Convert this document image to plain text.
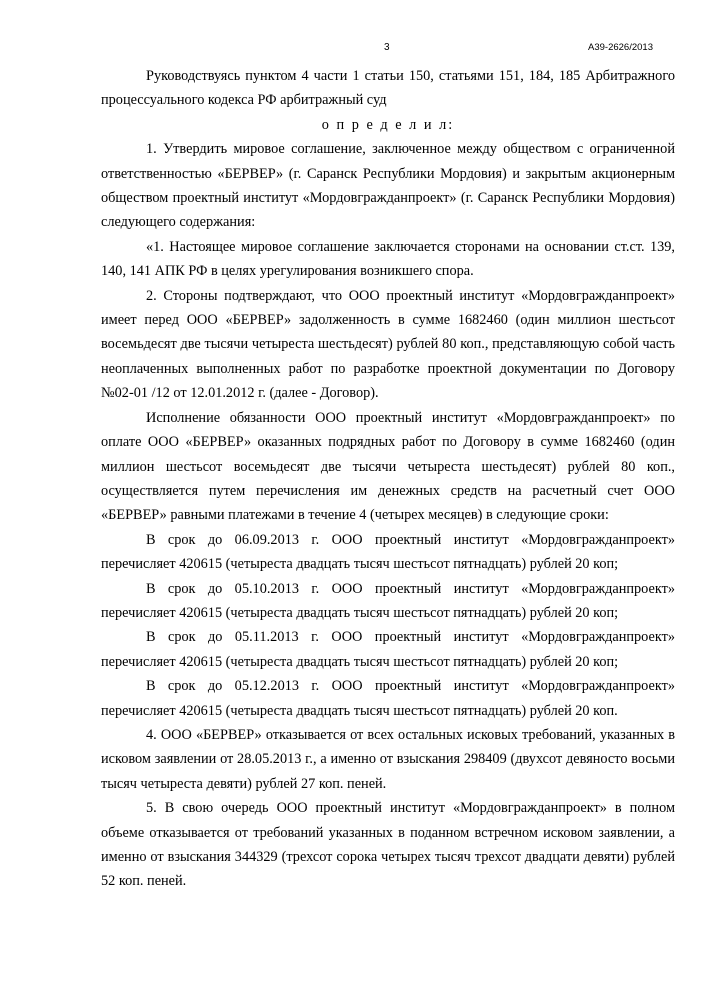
3	А39-2626/2013

Руководствуясь пунктом 4 части 1 статьи 150, статьями 151, 184, 185 Арбитражного процессуального кодекса РФ арбитражный суд

о п р е д е л и л:

1. Утвердить мировое соглашение, заключенное между обществом с ограниченной ответственностью «БЕРВЕР» (г. Саранск Республики Мордовия) и закрытым акционерным обществом проектный институт «Мордовгражданпроект» (г. Саранск Республики Мордовия) следующего содержания:

«1. Настоящее мировое соглашение заключается сторонами на основании ст.ст. 139, 140, 141 АПК РФ в целях урегулирования возникшего спора.

2. Стороны подтверждают, что ООО проектный институт «Мордовгражданпроект» имеет перед ООО «БЕРВЕР» задолженность в сумме 1682460 (один миллион шестьсот восемьдесят две тысячи четыреста шестьдесят) рублей 80 коп., представляющую собой часть неоплаченных выполненных работ по разработке проектной документации по Договору №02-01 /12 от 12.01.2012 г. (далее - Договор).

Исполнение обязанности ООО проектный институт «Мордовгражданпроект» по оплате ООО «БЕРВЕР» оказанных подрядных работ по Договору в сумме 1682460 (один миллион шестьсот восемьдесят две тысячи четыреста шестьдесят) рублей 80 коп., осуществляется путем перечисления им денежных средств на расчетный счет ООО «БЕРВЕР» равными платежами в течение 4 (четырех месяцев) в следующие сроки:

В срок до 06.09.2013 г. ООО проектный институт «Мордовгражданпроект» перечисляет 420615 (четыреста двадцать тысяч шестьсот пятнадцать) рублей 20 коп;

В срок до 05.10.2013 г. ООО проектный институт «Мордовгражданпроект» перечисляет 420615 (четыреста двадцать тысяч шестьсот пятнадцать) рублей 20 коп;

В срок до 05.11.2013 г. ООО проектный институт «Мордовгражданпроект» перечисляет 420615 (четыреста двадцать тысяч шестьсот пятнадцать) рублей 20 коп;

В срок до 05.12.2013 г. ООО проектный институт «Мордовгражданпроект» перечисляет 420615 (четыреста двадцать тысяч шестьсот пятнадцать) рублей 20 коп.

4. ООО «БЕРВЕР» отказывается от всех остальных исковых требований, указанных в исковом заявлении от 28.05.2013 г., а именно от взыскания 298409 (двухсот девяносто восьми тысяч четыреста девяти) рублей 27 коп. пеней.

5. В свою очередь ООО проектный институт «Мордовгражданпроект» в полном объеме отказывается от требований указанных в поданном встречном исковом заявлении, а именно от взыскания 344329 (трехсот сорока четырех тысяч трехсот двадцати девяти) рублей 52 коп. пеней.
